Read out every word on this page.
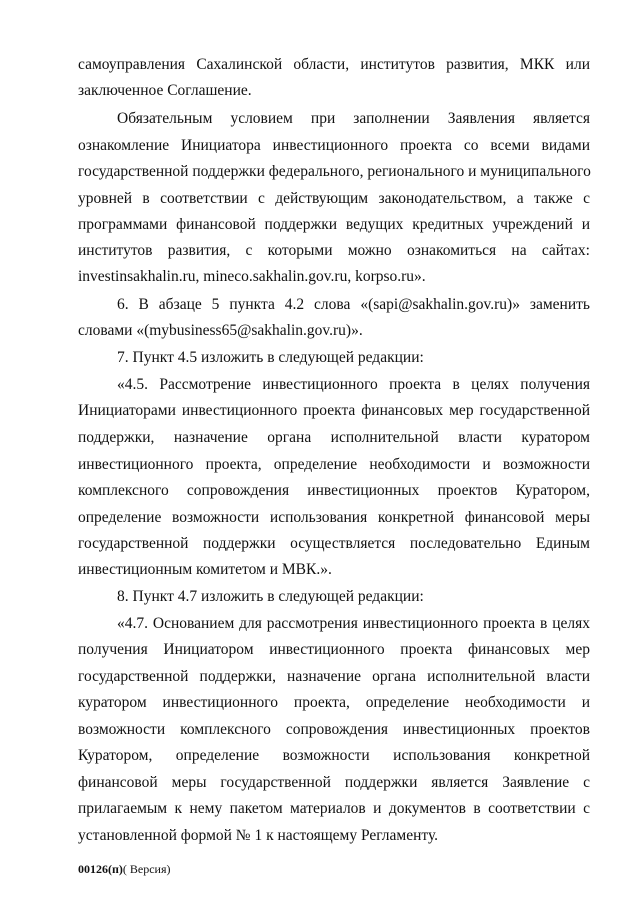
самоуправления Сахалинской области, институтов развития, МКК или
заключенное Соглашение.
Обязательным условием при заполнении Заявления является
ознакомление Инициатора инвестиционного проекта со всеми видами
государственной поддержки федерального, регионального и муниципального
уровней в соответствии с действующим законодательством, а также с
программами финансовой поддержки ведущих кредитных учреждений и
институтов развития, с которыми можно ознакомиться на сайтах:
investinsakhalin.ru, mineco.sakhalin.gov.ru, korpso.ru».
6. В абзаце 5 пункта 4.2 слова «(sapi@sakhalin.gov.ru)» заменить
словами «(mybusiness65@sakhalin.gov.ru)».
7. Пункт 4.5 изложить в следующей редакции:
«4.5. Рассмотрение инвестиционного проекта в целях получения
Инициаторами инвестиционного проекта финансовых мер государственной
поддержки, назначение органа исполнительной власти куратором
инвестиционного проекта, определение необходимости и возможности
комплексного сопровождения инвестиционных проектов Куратором,
определение возможности использования конкретной финансовой меры
государственной поддержки осуществляется последовательно Единым
инвестиционным комитетом и МВК.».
8. Пункт 4.7 изложить в следующей редакции:
«4.7. Основанием для рассмотрения инвестиционного проекта в целях
получения Инициатором инвестиционного проекта финансовых мер
государственной поддержки, назначение органа исполнительной власти
куратором инвестиционного проекта, определение необходимости и
возможности комплексного сопровождения инвестиционных проектов
Куратором, определение возможности использования конкретной
финансовой меры государственной поддержки является Заявление с
прилагаемым к нему пакетом материалов и документов в соответствии с
установленной формой № 1 к настоящему Регламенту.
00126(п)( Версия)
